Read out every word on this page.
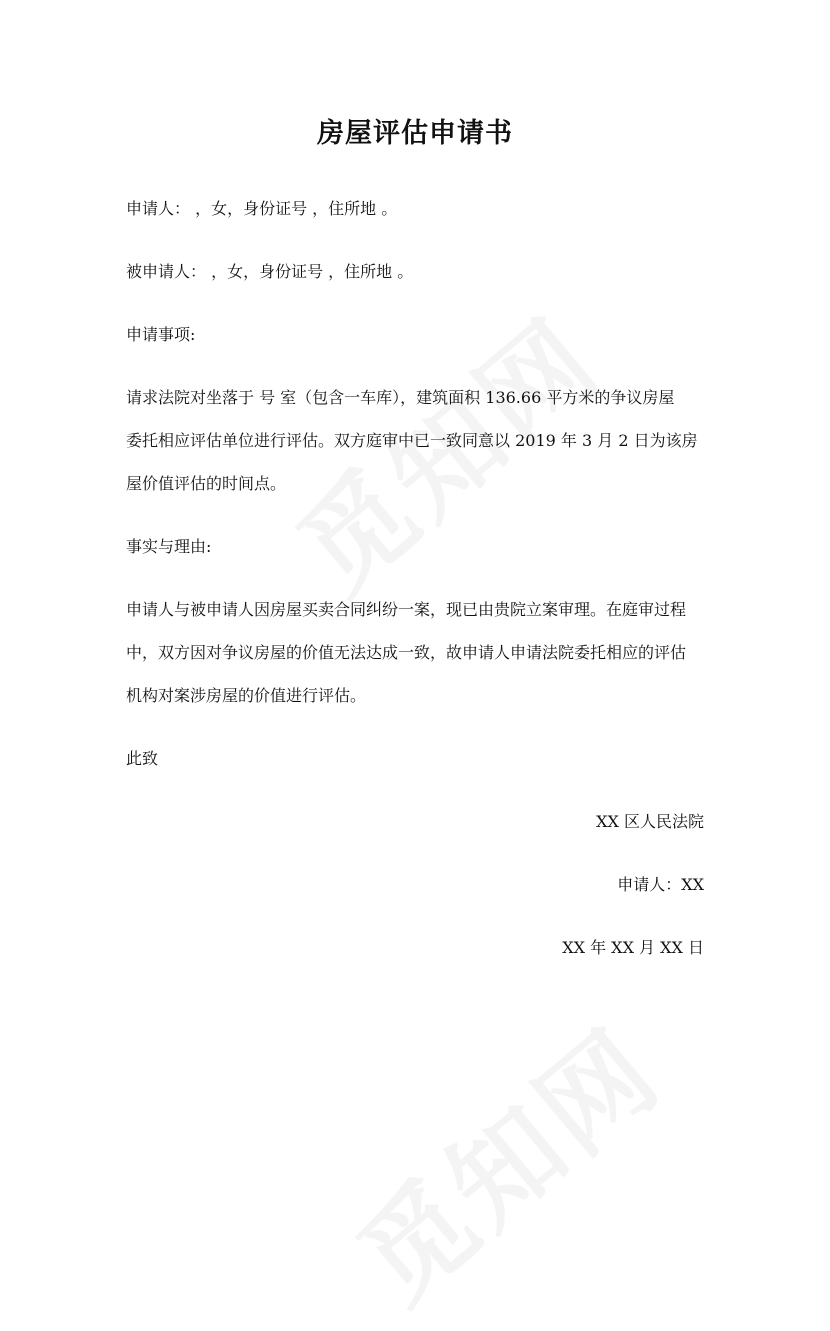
房屋评估申请书
申请人： ，女，身份证号 ，住所地 。
被申请人： ，女，身份证号 ，住所地 。
申请事项:
请求法院对坐落于 号 室（包含一车库），建筑面积 136.66 平方米的争议房屋
委托相应评估单位进行评估。双方庭审中已一致同意以 2019 年 3 月 2 日为该房
屋价值评估的时间点。
事实与理由:
申请人与被申请人因房屋买卖合同纠纷一案，现已由贵院立案审理。在庭审过程
中，双方因对争议房屋的价值无法达成一致，故申请人申请法院委托相应的评估
机构对案涉房屋的价值进行评估。
此致
XX 区人民法院
申请人：XX
XX 年 XX 月 XX 日
